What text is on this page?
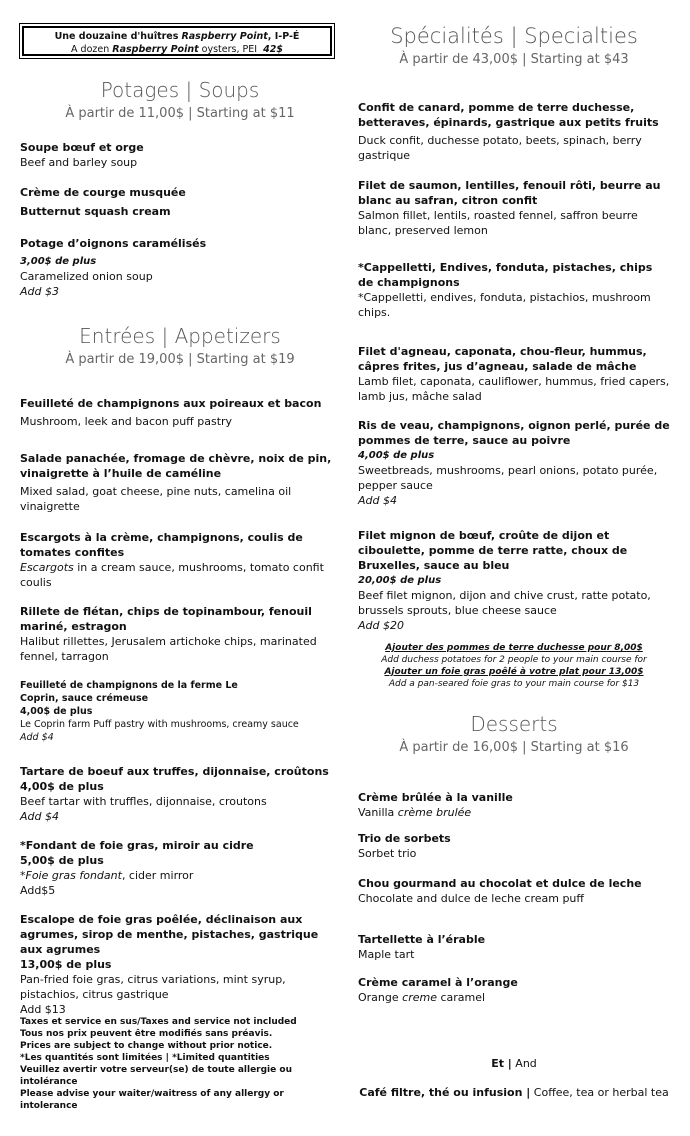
Une douzaine d'huîtres Raspberry Point, I-P-É
A dozen Raspberry Point oysters, PEI 42$
Potages | Soups
À partir de 11,00$ | Starting at $11
Soupe bœuf et orge
Beef and barley soup
Crème de courge musquée
Butternut squash cream
Potage d’oignons caramélisés
3,00$ de plus
Caramelized onion soup
Add $3
Entrées | Appetizers
À partir de 19,00$ | Starting at $19
Feuilleté de champignons aux poireaux et bacon
Mushroom, leek and bacon puff pastry
Salade panachée, fromage de chèvre, noix de pin, vinaigrette à l’huile de caméline
Mixed salad, goat cheese, pine nuts, camelina oil vinaigrette
Escargots à la crème, champignons, coulis de tomates confites
Escargots in a cream sauce, mushrooms, tomato confit coulis
Rillete de flétan, chips de topinambour, fenouil mariné, estragon
Halibut rillettes, Jerusalem artichoke chips, marinated fennel, tarragon
Feuilleté de champignons de la ferme Le Coprin, sauce crémeuse
4,00$ de plus
Le Coprin farm Puff pastry with mushrooms, creamy sauce
Add $4
Tartare de boeuf aux truffes, dijonnaise, croûtons
4,00$ de plus
Beef tartar with truffles, dijonnaise, croutons
Add $4
*Fondant de foie gras, miroir au cidre
5,00$ de plus
*Foie gras fondant, cider mirror
Add$5
Escalope de foie gras poêlée, déclinaison aux agrumes, sirop de menthe, pistaches, gastrique aux agrumes
13,00$ de plus
Pan-fried foie gras, citrus variations, mint syrup, pistachios, citrus gastrique
Add $13
Taxes et service en sus/Taxes and service not included
Tous nos prix peuvent être modifiés sans préavis.
Prices are subject to change without prior notice.
*Les quantités sont limitées | *Limited quantities
Veuillez avertir votre serveur(se) de toute allergie ou intolérance
Please advise your waiter/waitress of any allergy or
intolerance
Spécialités | Specialties
À partir de 43,00$ | Starting at $43
Confit de canard, pomme de terre duchesse, betteraves, épinards, gastrique aux petits fruits
Duck confit, duchesse potato, beets, spinach, berry gastrique
Filet de saumon, lentilles, fenouil rôti, beurre au blanc au safran, citron confit
Salmon fillet, lentils, roasted fennel, saffron beurre blanc, preserved lemon
*Cappelletti, Endives, fonduta, pistaches, chips de champignons
*Cappelletti, endives, fonduta, pistachios, mushroom chips.
Filet d'agneau, caponata, chou-fleur, hummus, câpres frites, jus d’agneau, salade de mâche
Lamb filet, caponata, cauliflower, hummus, fried capers, lamb jus, mâche salad
Ris de veau, champignons, oignon perlé, purée de pommes de terre, sauce au poivre
4,00$ de plus
Sweetbreads, mushrooms, pearl onions, potato purée, pepper sauce
Add $4
Filet mignon de bœuf, croûte de dijon et ciboulette, pomme de terre ratte, choux de Bruxelles, sauce au bleu
20,00$ de plus
Beef filet mignon, dijon and chive crust, ratte potato, brussels sprouts, blue cheese sauce
Add $20
Ajouter des pommes de terre duchesse pour 8,00$
Add duchess potatoes for 2 people to your main course for
Ajouter un foie gras poêlé à votre plat pour 13,00$
Add a pan-seared foie gras to your main course for $13
Desserts
À partir de 16,00$ | Starting at $16
Crème brûlée à la vanille
Vanilla crème brulée
Trio de sorbets
Sorbet trio
Chou gourmand au chocolat et dulce de leche
Chocolate and dulce de leche cream puff
Tartellette à l’érable
Maple tart
Crème caramel à l’orange
Orange creme caramel
Et | And
Café filtre, thé ou infusion | Coffee, tea or herbal tea
